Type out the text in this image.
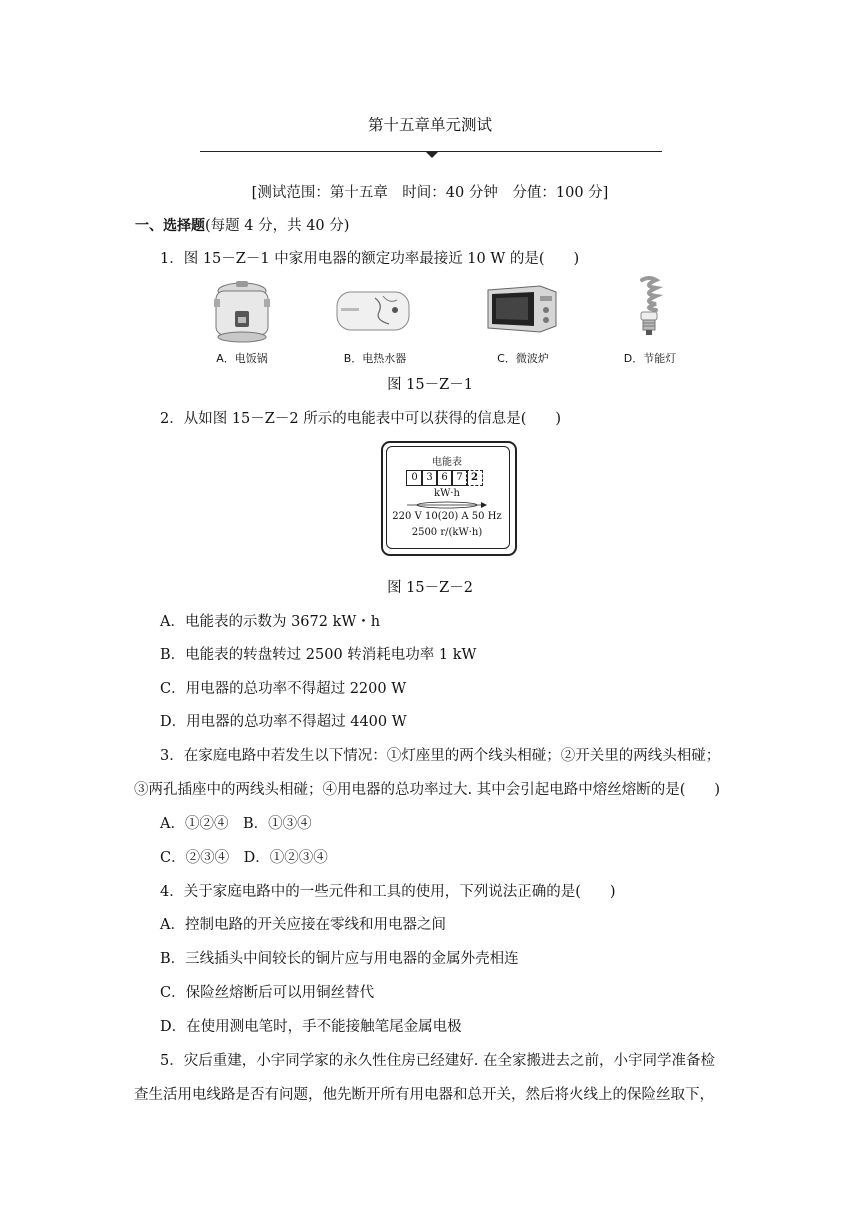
第十五章单元测试
[测试范围：第十五章　时间：40 分钟　分值：100 分]
一、选择题(每题 4 分，共 40 分)
1．图 15－Z－1 中家用电器的额定功率最接近 10 W 的是(　　)
A．电饭锅	B．电热水器	C．微波炉	D．节能灯
图 15－Z－1
2．从如图 15－Z－2 所示的电能表中可以获得的信息是(　　)
电能表
0 3 6 7 2
kW·h
220 V 10(20) A 50 Hz
2500 r/(kW·h)
图 15－Z－2
A．电能表的示数为 3672 kW・h
B．电能表的转盘转过 2500 转消耗电功率 1 kW
C．用电器的总功率不得超过 2200 W
D．用电器的总功率不得超过 4400 W
3．在家庭电路中若发生以下情况：①灯座里的两个线头相碰；②开关里的两线头相碰；
③两孔插座中的两线头相碰；④用电器的总功率过大. 其中会引起电路中熔丝熔断的是(　　)
A．①②④　B．①③④
C．②③④　D．①②③④
4．关于家庭电路中的一些元件和工具的使用，下列说法正确的是(　　)
A．控制电路的开关应接在零线和用电器之间
B．三线插头中间较长的铜片应与用电器的金属外壳相连
C．保险丝熔断后可以用铜丝替代
D．在使用测电笔时，手不能接触笔尾金属电极
5．灾后重建，小宇同学家的永久性住房已经建好. 在全家搬进去之前，小宇同学准备检
查生活用电线路是否有问题，他先断开所有用电器和总开关，然后将火线上的保险丝取下，
